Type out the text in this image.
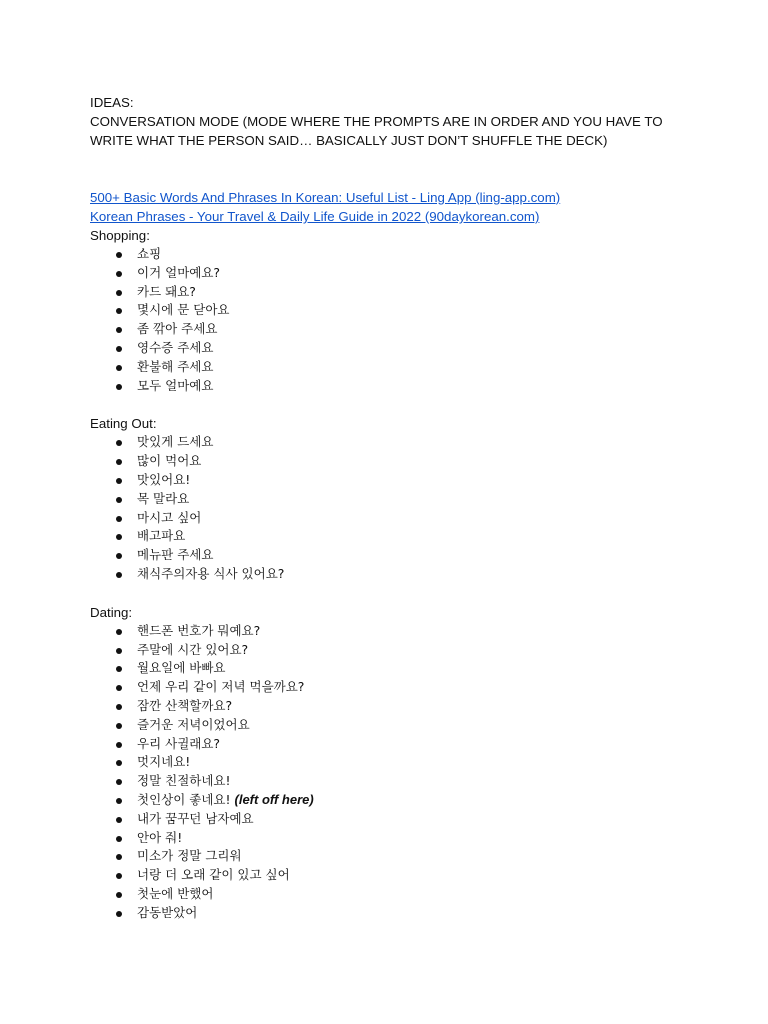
IDEAS:
CONVERSATION MODE (MODE WHERE THE PROMPTS ARE IN ORDER AND YOU HAVE TO WRITE WHAT THE PERSON SAID… BASICALLY JUST DON’T SHUFFLE THE DECK)
500+ Basic Words And Phrases In Korean: Useful List - Ling App (ling-app.com)
Korean Phrases - Your Travel & Daily Life Guide in 2022 (90daykorean.com)
Shopping:
쇼핑
이거 얼마예요?
카드 돼요?
몇시에 문 닫아요
좀 깎아 주세요
영수증 주세요
환불해 주세요
모두 얼마예요
Eating Out:
맛있게 드세요
많이 먹어요
맛있어요!
목 말라요
마시고 싶어
배고파요
메뉴판 주세요
채식주의자용 식사 있어요?
Dating:
핸드폰 번호가 뭐예요?
주말에 시간 있어요?
월요일에 바빠요
언제 우리 같이 저녁 먹을까요?
잠깐 산책할까요?
즐거운 저녁이었어요
우리 사귈래요?
멋지네요!
정말 친절하네요!
첫인상이 좋네요! (left off here)
내가 꿈꾸던 남자예요
안아 줘!
미소가 정말 그리워
너랑 더 오래 같이 있고 싶어
첫눈에 반했어
감동받았어
